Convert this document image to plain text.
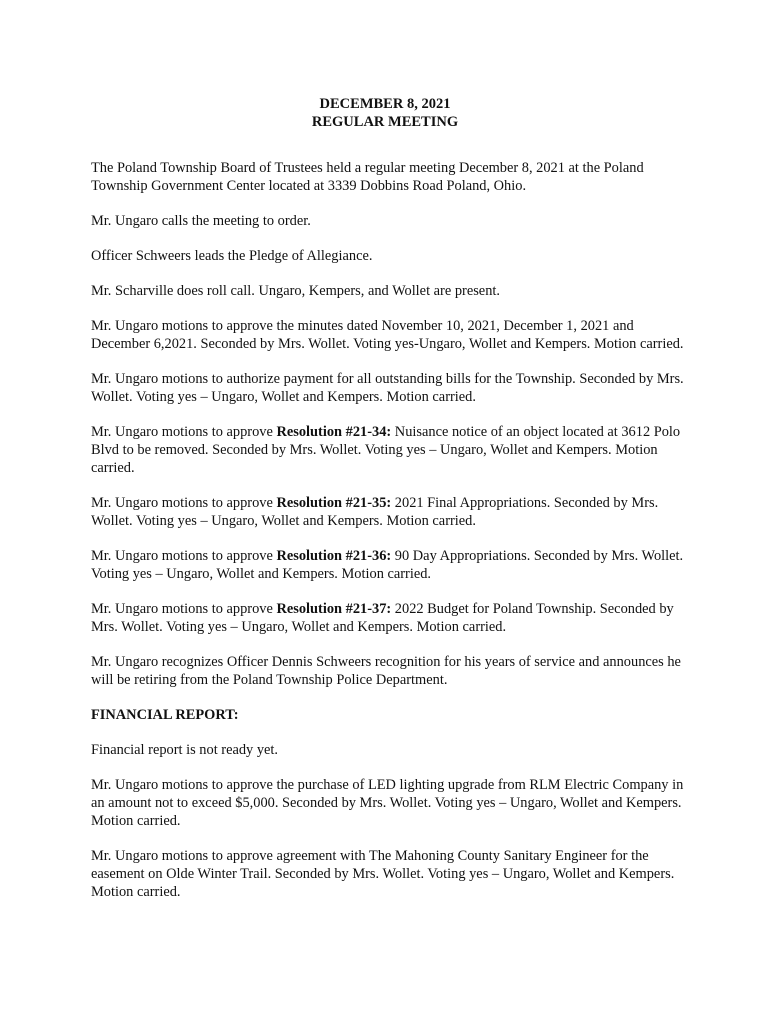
DECEMBER 8, 2021
REGULAR MEETING

The Poland Township Board of Trustees held a regular meeting December 8, 2021 at the Poland Township Government Center located at 3339 Dobbins Road Poland, Ohio.

Mr. Ungaro calls the meeting to order.

Officer Schweers leads the Pledge of Allegiance.

Mr. Scharville does roll call. Ungaro, Kempers, and Wollet are present.

Mr. Ungaro motions to approve the minutes dated November 10, 2021, December 1, 2021 and December 6,2021. Seconded by Mrs. Wollet. Voting yes-Ungaro, Wollet and Kempers. Motion carried.

Mr. Ungaro motions to authorize payment for all outstanding bills for the Township. Seconded by Mrs. Wollet. Voting yes – Ungaro, Wollet and Kempers. Motion carried.

Mr. Ungaro motions to approve Resolution #21-34: Nuisance notice of an object located at 3612 Polo Blvd to be removed. Seconded by Mrs. Wollet. Voting yes – Ungaro, Wollet and Kempers. Motion carried.

Mr. Ungaro motions to approve Resolution #21-35: 2021 Final Appropriations. Seconded by Mrs. Wollet. Voting yes – Ungaro, Wollet and Kempers. Motion carried.

Mr. Ungaro motions to approve Resolution #21-36: 90 Day Appropriations. Seconded by Mrs. Wollet. Voting yes – Ungaro, Wollet and Kempers. Motion carried.

Mr. Ungaro motions to approve Resolution #21-37: 2022 Budget for Poland Township. Seconded by Mrs. Wollet. Voting yes – Ungaro, Wollet and Kempers. Motion carried.

Mr. Ungaro recognizes Officer Dennis Schweers recognition for his years of service and announces he will be retiring from the Poland Township Police Department.

FINANCIAL REPORT:

Financial report is not ready yet.

Mr. Ungaro motions to approve the purchase of LED lighting upgrade from RLM Electric Company in an amount not to exceed $5,000. Seconded by Mrs. Wollet. Voting yes – Ungaro, Wollet and Kempers. Motion carried.

Mr. Ungaro motions to approve agreement with The Mahoning County Sanitary Engineer for the easement on Olde Winter Trail. Seconded by Mrs. Wollet. Voting yes – Ungaro, Wollet and Kempers. Motion carried.
